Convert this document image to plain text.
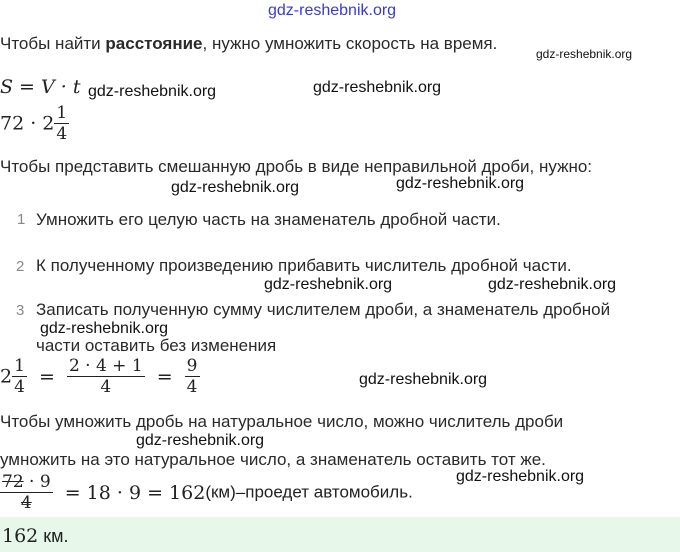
gdz-reshebnik.org
gdz-reshebnik.org
gdz-reshebnik.org	gdz-reshebnik.org
gdz-reshebnik.org	gdz-reshebnik.org
gdz-reshebnik.org	gdz-reshebnik.org
gdz-reshebnik.org
gdz-reshebnik.org
gdz-reshebnik.org
gdz-reshebnik.org
Чтобы найти расстояние, нужно умножить скорость на время.
S = V · t
$72 \cdot 2 \frac{1}{4}$
Чтобы представить смешанную дробь в виде неправильной дроби, нужно:
1 Умножить его целую часть на знаменатель дробной части.
2 К полученному произведению прибавить числитель дробной части.
3 Записать полученную сумму числителем дроби, а знаменатель дробной
части оставить без изменения
$2 \frac{1}{4} = \frac{2 \cdot 4 + 1}{4} = \frac{9}{4}$
Чтобы умножить дробь на натуральное число, можно числитель дроби
умножить на это натуральное число, а знаменатель оставить тот же.
$\frac{72 \cdot 9}{4} = 18 \cdot 9$ = 162(км)–проедет автомобиль.
162 км.
